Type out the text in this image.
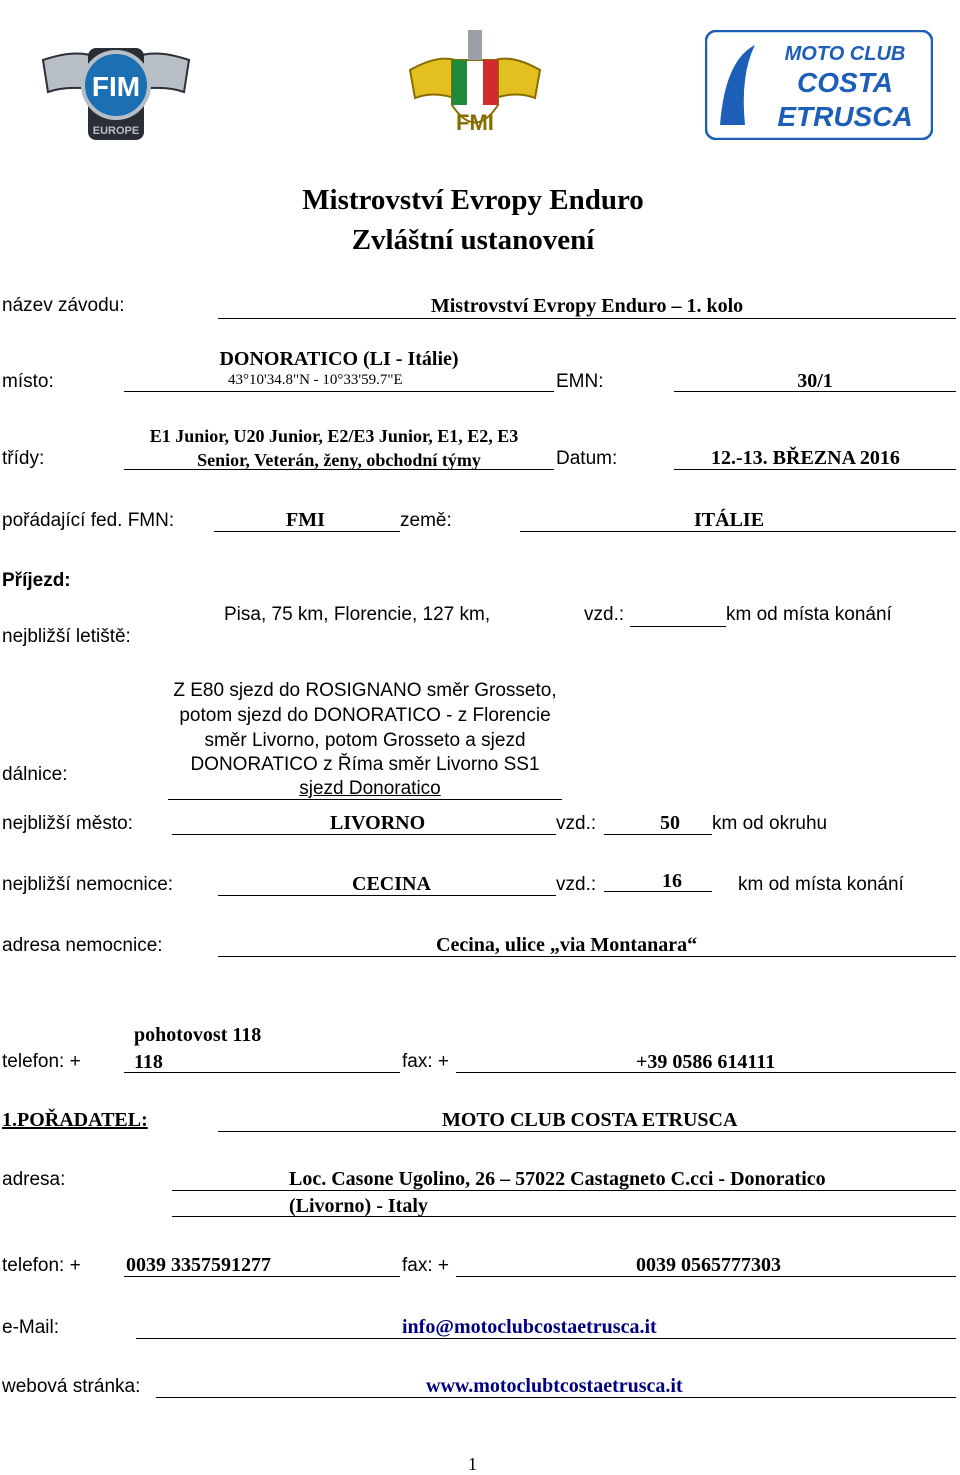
FIM
EUROPE	FMI
MOTO CLUB
COSTA
ETRUSCA
Mistrovství Evropy Enduro
Zvláštní ustanovení
název závodu:	Mistrovství Evropy Enduro – 1. kolo
DONORATICO (LI - Itálie)
místo:	43°10'34.8"N - 10°33'59.7"E	EMN:	30/1
E1 Junior, U20 Junior, E2/E3 Junior, E1, E2, E3
třídy:	Senior, Veterán, ženy, obchodní týmy	Datum:	12.-13. BŘEZNA 2016
pořádající fed. FMN:	FMI	země:	ITÁLIE
Příjezd:
Pisa, 75 km, Florencie, 127 km,
nejbližší letiště:
vzd.:	km od místa konání
Z E80 sjezd do ROSIGNANO směr Grosseto,
potom sjezd do DONORATICO - z Florencie
směr Livorno, potom Grosseto a sjezd
dálnice:	DONORATICO z Říma směr Livorno SS1
sjezd Donoratico
nejbližší město:	LIVORNO	vzd.:	50 km od okruhu
nejbližší nemocnice:	CECINA	vzd.:	16	km od místa konání
adresa nemocnice:	Cecina, ulice „via Montanara“
pohotovost 118
telefon: +	118	fax: +	+39 0586 614111
1.POŘADATEL:	MOTO CLUB COSTA ETRUSCA
adresa:	Loc. Casone Ugolino, 26 – 57022 Castagneto C.cci - Donoratico
(Livorno) - Italy
telefon: + 0039 3357591277	fax: +	0039 0565777303
e-Mail:	info@motoclubcostaetrusca.it
webová stránka:	www.motoclubtcostaetrusca.it
1
